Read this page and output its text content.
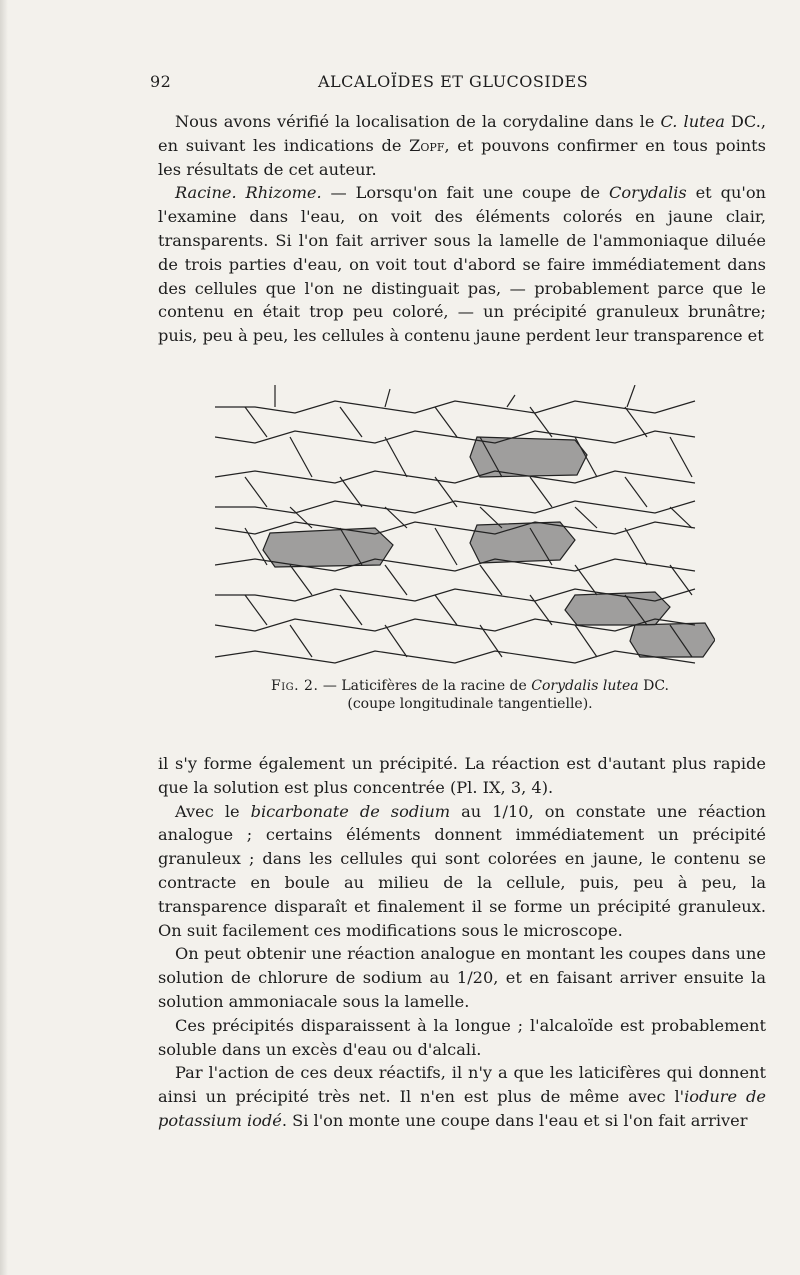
92	ALCALOÏDES ET GLUCOSIDES

Nous avons vérifié la localisation de la corydaline dans le C. lutea DC., en suivant les indications de Zopf, et pouvons confirmer en tous points les résultats de cet auteur.

Racine. Rhizome. — Lorsqu'on fait une coupe de Corydalis et qu'on l'examine dans l'eau, on voit des éléments colorés en jaune clair, transparents. Si l'on fait arriver sous la lamelle de l'ammoniaque diluée de trois parties d'eau, on voit tout d'abord se faire immédiatement dans des cellules que l'on ne distinguait pas, — probablement parce que le contenu en était trop peu coloré, — un précipité granuleux brunâtre; puis, peu à peu, les cellules à contenu jaune perdent leur transparence et

Fig. 2. — Laticifères de la racine de Corydalis lutea DC.
(coupe longitudinale tangentielle).

il s'y forme également un précipité. La réaction est d'autant plus rapide que la solution est plus concentrée (Pl. IX, 3, 4).

Avec le bicarbonate de sodium au 1/10, on constate une réaction analogue ; certains éléments donnent immédiatement un précipité granuleux ; dans les cellules qui sont colorées en jaune, le contenu se contracte en boule au milieu de la cellule, puis, peu à peu, la transparence disparaît et finalement il se forme un précipité granuleux. On suit facilement ces modifications sous le microscope.

On peut obtenir une réaction analogue en montant les coupes dans une solution de chlorure de sodium au 1/20, et en faisant arriver ensuite la solution ammoniacale sous la lamelle.

Ces précipités disparaissent à la longue ; l'alcaloïde est probablement soluble dans un excès d'eau ou d'alcali.

Par l'action de ces deux réactifs, il n'y a que les laticifères qui donnent ainsi un précipité très net. Il n'en est plus de même avec l'iodure de potassium iodé. Si l'on monte une coupe dans l'eau et si l'on fait arriver
